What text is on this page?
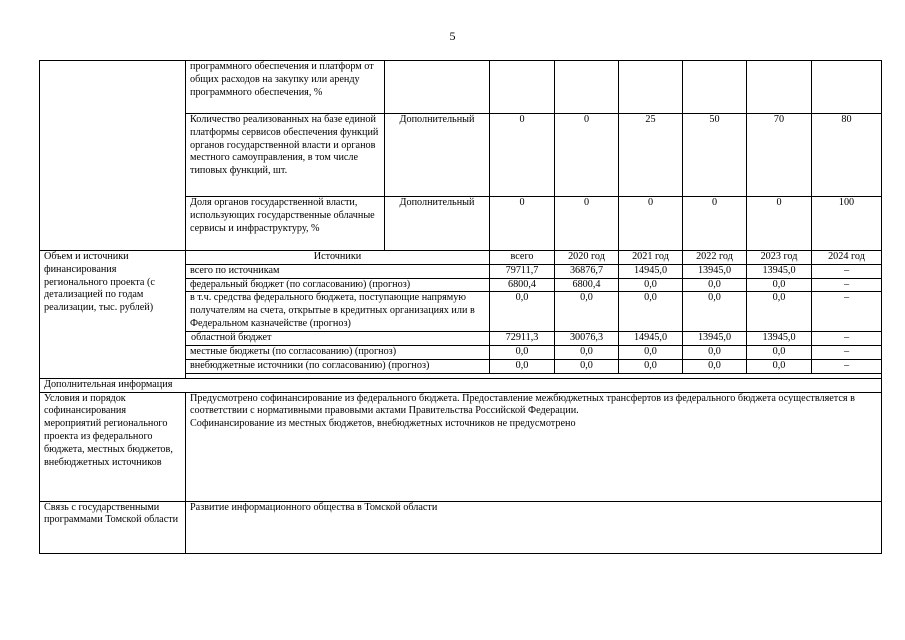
5
	программного обеспечения и платформ от общих расходов на закупку или аренду программного обеспечения, %							
	Количество реализованных на базе единой платформы сервисов обеспечения функций органов государственной власти и органов местного самоуправления, в том числе типовых функций, шт.	Дополнительный	0	0	25	50	70	80
	Доля органов государственной власти, использующих государственные облачные сервисы и инфраструктуру, %	Дополнительный	0	0	0	0	0	100
Объем и источники финансирования регионального проекта (с детализацией по годам реализации, тыс. рублей)	Источники		всего	2020 год	2021 год	2022 год	2023 год	2024 год
	всего по источникам		79711,7	36876,7	14945,0	13945,0	13945,0	–
	федеральный бюджет (по согласованию) (прогноз)		6800,4	6800,4	0,0	0,0	0,0	–
	в т.ч. средства федерального бюджета, поступающие напрямую получателям на счета, открытые в кредитных организациях или в Федеральном казначействе (прогноз)		0,0	0,0	0,0	0,0	0,0	–
	областной бюджет		72911,3	30076,3	14945,0	13945,0	13945,0	–
	местные бюджеты (по согласованию) (прогноз)		0,0	0,0	0,0	0,0	0,0	–
	внебюджетные источники (по согласованию) (прогноз)		0,0	0,0	0,0	0,0	0,0	–

Дополнительная информация								
Условия и порядок софинансирования мероприятий регионального проекта из федерального бюджета, местных бюджетов, внебюджетных источников	Предусмотрено софинансирование из федерального бюджета. Предоставление межбюджетных трансфертов из федерального бюджета осуществляется в соответствии с нормативными правовыми актами Правительства Российской Федерации.
Софинансирование из местных бюджетов, внебюджетных источников не предусмотрено							

Связь с государственными программами Томской области	Развитие информационного общества в Томской области							
